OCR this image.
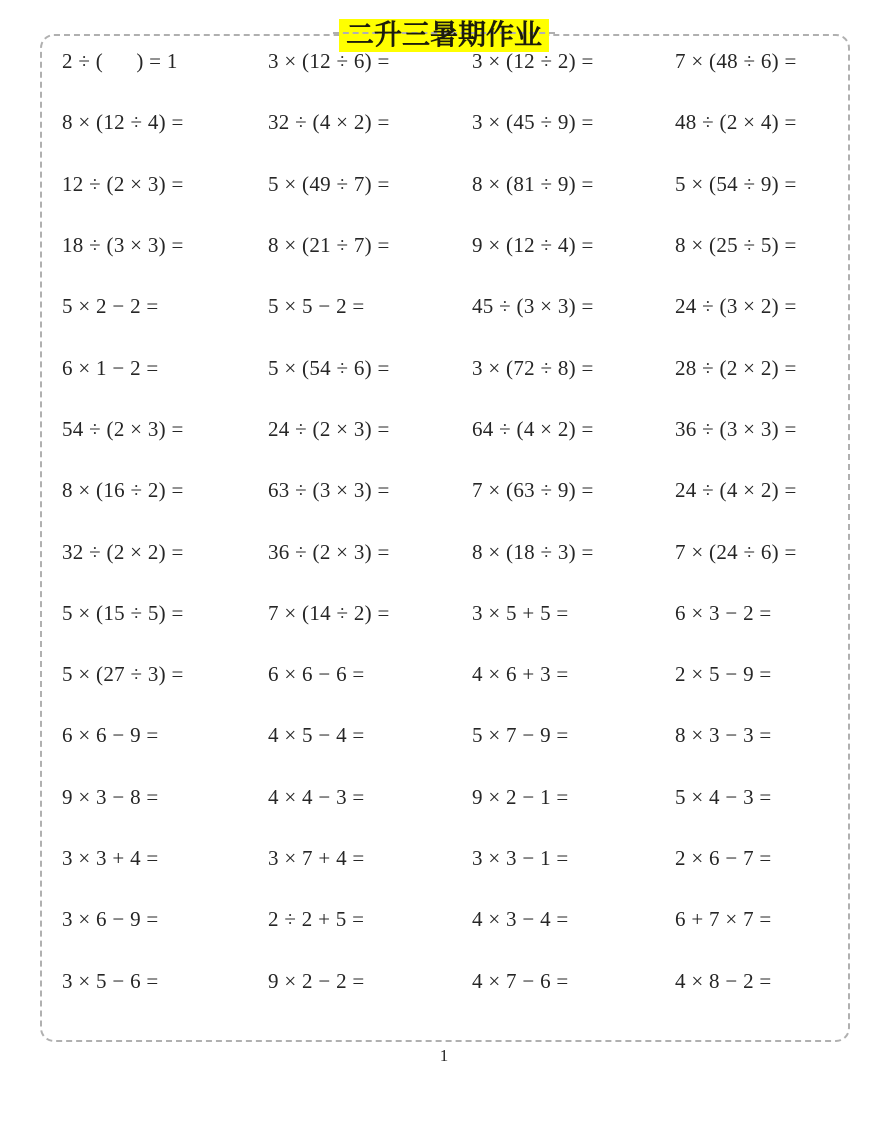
二升三暑期作业
2 ÷ (      ) = 1	3 × (12 ÷ 6) =	3 × (12 ÷ 2) =	7 × (48 ÷ 6) =
8 × (12 ÷ 4) =	32 ÷ (4 × 2) =	3 × (45 ÷ 9) =	48 ÷ (2 × 4) =
12 ÷ (2 × 3) =	5 × (49 ÷ 7) =	8 × (81 ÷ 9) =	5 × (54 ÷ 9) =
18 ÷ (3 × 3) =	8 × (21 ÷ 7) =	9 × (12 ÷ 4) =	8 × (25 ÷ 5) =
5 × 2 − 2 =	5 × 5 − 2 =	45 ÷ (3 × 3) =	24 ÷ (3 × 2) =
6 × 1 − 2 =	5 × (54 ÷ 6) =	3 × (72 ÷ 8) =	28 ÷ (2 × 2) =
54 ÷ (2 × 3) =	24 ÷ (2 × 3) =	64 ÷ (4 × 2) =	36 ÷ (3 × 3) =
8 × (16 ÷ 2) =	63 ÷ (3 × 3) =	7 × (63 ÷ 9) =	24 ÷ (4 × 2) =
32 ÷ (2 × 2) =	36 ÷ (2 × 3) =	8 × (18 ÷ 3) =	7 × (24 ÷ 6) =
5 × (15 ÷ 5) =	7 × (14 ÷ 2) =	3 × 5 + 5 =	6 × 3 − 2 =
5 × (27 ÷ 3) =	6 × 6 − 6 =	4 × 6 + 3 =	2 × 5 − 9 =
6 × 6 − 9 =	4 × 5 − 4 =	5 × 7 − 9 =	8 × 3 − 3 =
9 × 3 − 8 =	4 × 4 − 3 =	9 × 2 − 1 =	5 × 4 − 3 =
3 × 3 + 4 =	3 × 7 + 4 =	3 × 3 − 1 =	2 × 6 − 7 =
3 × 6 − 9 =	2 ÷ 2 + 5 =	4 × 3 − 4 =	6 + 7 × 7 =
3 × 5 − 6 =	9 × 2 − 2 =	4 × 7 − 6 =	4 × 8 − 2 =
1
